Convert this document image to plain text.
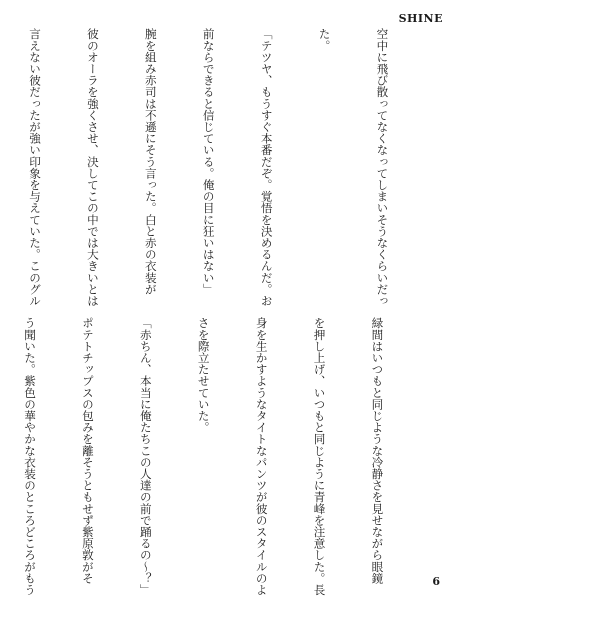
SHINE

空中に飛び散ってなくなってしまいそうなくらいだっ

た。

「テツヤ、もうすぐ本番だぞ。覚悟を決めるんだ。お

前ならできると信じている。俺の目に狂いはない」

腕を組み赤司は不遜にそう言った。白と赤の衣装が

彼のオーラを強くさせ、決してこの中では大きいとは

言えない彼だったが強い印象を与えていた。このグル

緑間はいつもと同じような冷静さを見せながら眼鏡

を押し上げ、いつもと同じように青峰を注意した。長

身を生かすようなタイトなパンツが彼のスタイルのよ

さを際立たせていた。

「赤ちん、本当に俺たちこの人達の前で踊るの～？」

ポテトチップスの包みを離そうともせず紫原敦がそ

う聞いた。紫色の華やかな衣装のところどころがもう

	6
